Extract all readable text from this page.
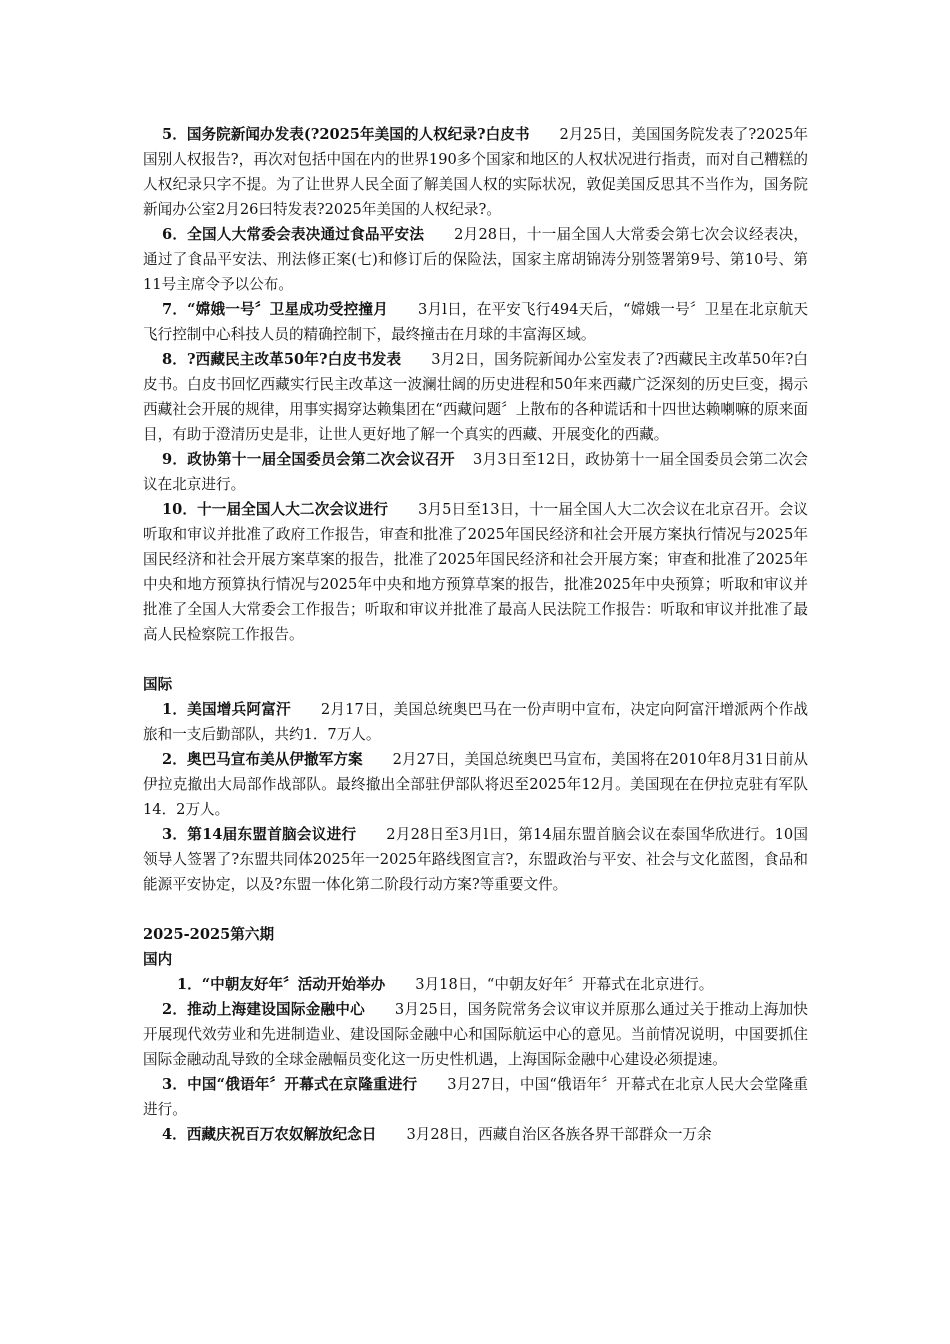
5．国务院新闻办发表(?2025年美国的人权纪录?白皮书 2月25日，美国国务院发表了?2025年国别人权报告?，再次对包括中国在内的世界190多个国家和地区的人权状况进行指责，而对自己糟糕的人权纪录只字不提。为了让世界人民全面了解美国人权的实际状况，敦促美国反思其不当作为，国务院新闻办公室2月26曰特发表?2025年美国的人权纪录?。

6．全国人大常委会表决通过食品平安法 2月28日，十一届全国人大常委会第七次会议经表决，通过了食品平安法、刑法修正案(七)和修订后的保险法，国家主席胡锦涛分别签署第9号、第10号、第11号主席令予以公布。

7．“嫦娥一号〞卫星成功受控撞月 3月l日，在平安飞行494天后，“嫦娥一号〞卫星在北京航天飞行控制中心科技人员的精确控制下，最终撞击在月球的丰富海区域。

8．?西藏民主改革50年?白皮书发表 3月2日，国务院新闻办公室发表了?西藏民主改革50年?白皮书。白皮书回忆西藏实行民主改革这一波澜壮阔的历史进程和50年来西藏广泛深刻的历史巨变，揭示西藏社会开展的规律，用事实揭穿达赖集团在“西藏问题〞上散布的各种谎话和十四世达赖喇嘛的原来面目，有助于澄清历史是非，让世人更好地了解一个真实的西藏、开展变化的西藏。

9．政协第十一届全国委员会第二次会议召开 3月3日至12日，政协第十一届全国委员会第二次会议在北京进行。

10．十一届全国人大二次会议进行 3月5日至13日，十一届全国人大二次会议在北京召开。会议听取和审议并批准了政府工作报告，审查和批准了2025年国民经济和社会开展方案执行情况与2025年国民经济和社会开展方案草案的报告，批准了2025年国民经济和社会开展方案；审查和批准了2025年中央和地方预算执行情况与2025年中央和地方预算草案的报告，批准2025年中央预算；听取和审议并批准了全国人大常委会工作报告；听取和审议并批准了最高人民法院工作报告：听取和审议并批准了最高人民检察院工作报告。

国际

1．美国增兵阿富汗 2月17日，美国总统奥巴马在一份声明中宣布，决定向阿富汗增派两个作战旅和一支后勤部队，共约1．7万人。

2．奥巴马宣布美从伊撤军方案 2月27日，美国总统奥巴马宣布，美国将在2010年8月31日前从伊拉克撤出大局部作战部队。最终撤出全部驻伊部队将迟至2025年12月。美国现在在伊拉克驻有军队14．2万人。

3．第14届东盟首脑会议进行 2月28日至3月l日，第14届东盟首脑会议在泰国华欣进行。10国领导人签署了?东盟共同体2025年一2025年路线图宣言?，东盟政治与平安、社会与文化蓝图，食品和能源平安协定，以及?东盟一体化第二阶段行动方案?等重要文件。

2025-2025第六期

国内

1．“中朝友好年〞活动开始举办 3月18日，“中朝友好年〞开幕式在北京进行。

2．推动上海建设国际金融中心 3月25日，国务院常务会议审议并原那么通过关于推动上海加快开展现代效劳业和先进制造业、建设国际金融中心和国际航运中心的意见。当前情况说明，中国要抓住国际金融动乱导致的全球金融幅员变化这一历史性机遇，上海国际金融中心建设必须提速。

3．中国“俄语年〞开幕式在京隆重进行 3月27日，中国“俄语年〞开幕式在北京人民大会堂隆重进行。

4．西藏庆祝百万农奴解放纪念日 3月28日，西藏自治区各族各界干部群众一万余
